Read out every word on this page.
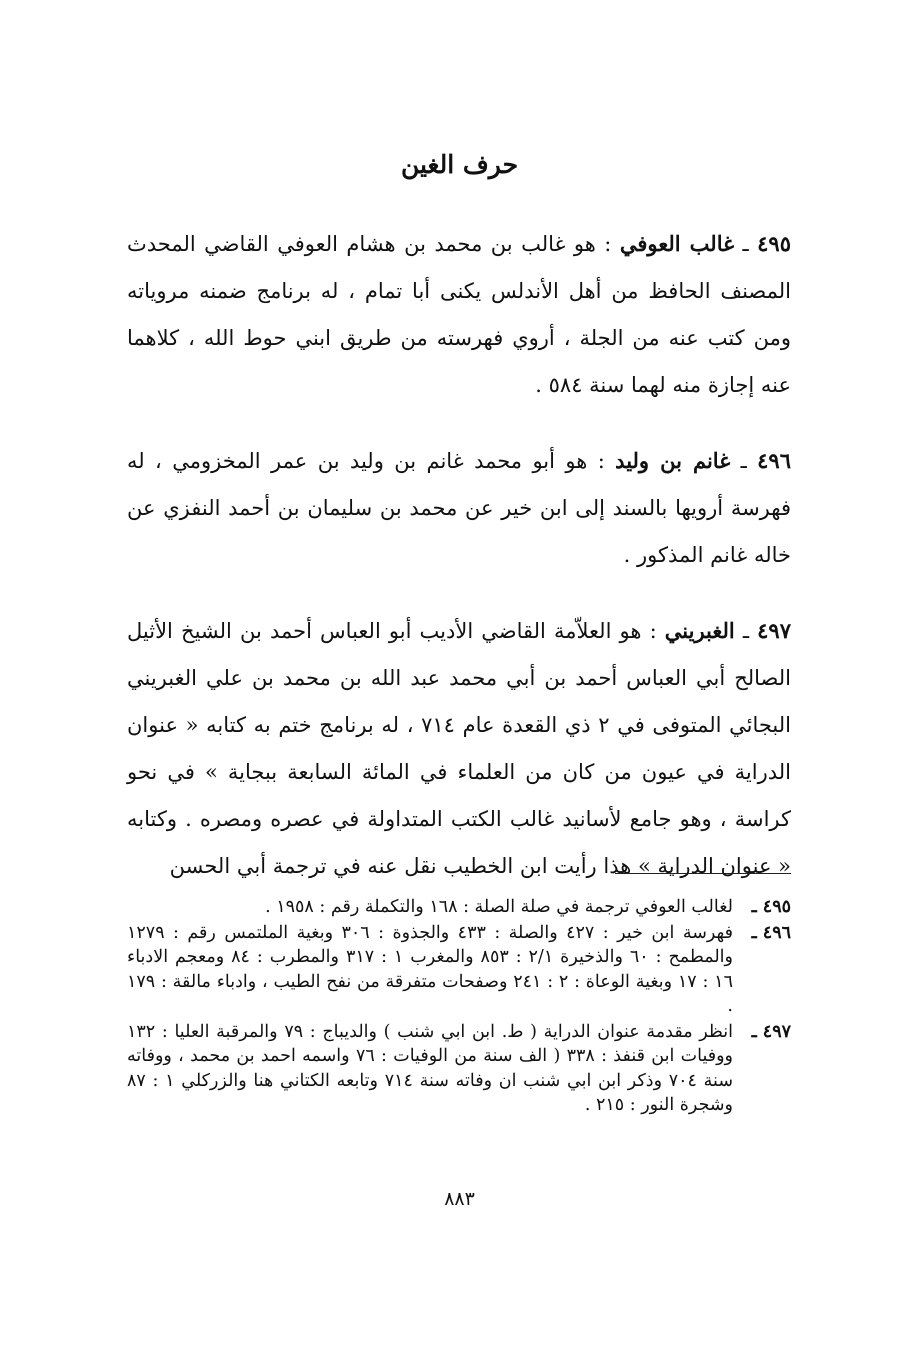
حرف الغين

٤٩٥ ـ غالب العوفي : هو غالب بن محمد بن هشام العوفي القاضي المحدث المصنف الحافظ من أهل الأندلس يكنى أبا تمام ، له برنامج ضمنه مروياته ومن كتب عنه من الجلة ، أروي فهرسته من طريق ابني حوط الله ، كلاهما عنه إجازة منه لهما سنة ٥٨٤ .

٤٩٦ ـ غانم بن وليد : هو أبو محمد غانم بن وليد بن عمر المخزومي ، له فهرسة أرويها بالسند إلى ابن خير عن محمد بن سليمان بن أحمد النفزي عن خاله غانم المذكور .

٤٩٧ ـ الغبريني : هو العلاّمة القاضي الأديب أبو العباس أحمد بن الشيخ الأثيل الصالح أبي العباس أحمد بن أبي محمد عبد الله بن محمد بن علي الغبريني البجائي المتوفى في ٢ ذي القعدة عام ٧١٤ ، له برنامج ختم به كتابه « عنوان الدراية في عيون من كان من العلماء في المائة السابعة ببجاية » في نحو كراسة ، وهو جامع لأسانيد غالب الكتب المتداولة في عصره ومصره . وكتابه « عنوان الدراية » هذا رأيت ابن الخطيب نقل عنه في ترجمة أبي الحسن

٤٩٥ ـ
لغالب العوفي ترجمة في صلة الصلة : ١٦٨ والتكملة رقم : ١٩٥٨ .
٤٩٦ ـ
فهرسة ابن خير : ٤٢٧ والصلة : ٤٣٣ والجذوة : ٣٠٦ وبغية الملتمس رقم : ١٢٧٩ والمطمح : ٦٠ والذخيرة ٢/١ : ٨٥٣ والمغرب ١ : ٣١٧ والمطرب : ٨٤ ومعجم الادباء ١٦ : ١٧ وبغية الوعاة : ٢ : ٢٤١ وصفحات متفرقة من نفح الطيب ، وادباء مالقة : ١٧٩ .
٤٩٧ ـ
انظر مقدمة عنوان الدراية ( ط. ابن ابي شنب ) والديباج : ٧٩ والمرقبة العليا : ١٣٢ ووفيات ابن قنفذ : ٣٣٨ ( الف سنة من الوفيات : ٧٦ واسمه احمد بن محمد ، ووفاته سنة ٧٠٤ وذكر ابن ابي شنب ان وفاته سنة ٧١٤ وتابعه الكتاني هنا والزركلي ١ : ٨٧ وشجرة النور : ٢١٥ .
٨٨٣
